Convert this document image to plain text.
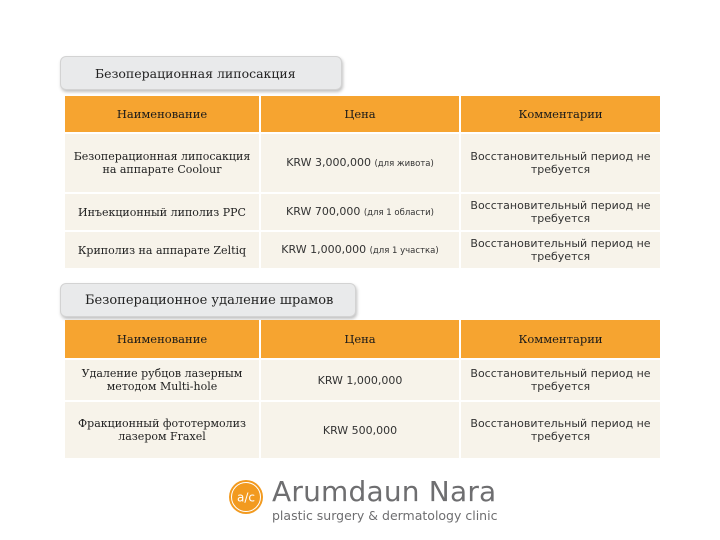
Безоперационная липосакция
Наименование	Цена	Комментарии
Безоперационная липосакция на аппарате Coolour	KRW 3,000,000 (для живота)	Восстановительный период не требуется
Инъекционный липолиз PPC	KRW 700,000 (для 1 области)	Восстановительный период не требуется
Криполиз на аппарате Zeltiq	KRW 1,000,000 (для 1 участка)	Восстановительный период не требуется
Безоперационное удаление шрамов
Наименование	Цена	Комментарии
Удаление рубцов лазерным методом Multi-hole	KRW 1,000,000	Восстановительный период не требуется
Фракционный фототермолиз лазером Fraxel	KRW 500,000	Восстановительный период не требуется
a/c Arumdaun Nara
plastic surgery & dermatology clinic
